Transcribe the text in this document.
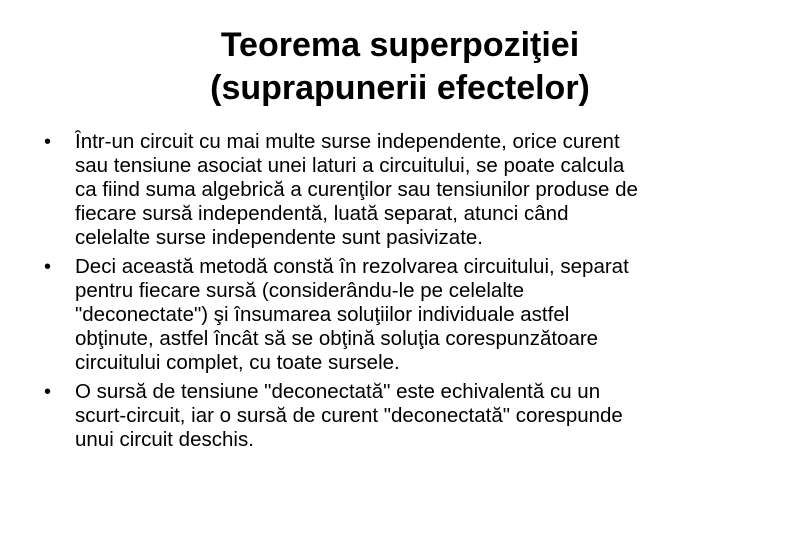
Teorema superpoziţiei
(suprapunerii efectelor)
• Într-un circuit cu mai multe surse independente, orice curent
sau tensiune asociat unei laturi a circuitului, se poate calcula
ca fiind suma algebrică a curenţilor sau tensiunilor produse de
fiecare sursă independentă, luată separat, atunci când
celelalte surse independente sunt pasivizate.
• Deci această metodă constă în rezolvarea circuitului, separat
pentru fiecare sursă (considerându-le pe celelalte
"deconectate") şi însumarea soluţiilor individuale astfel
obţinute, astfel încât să se obţină soluţia corespunzătoare
circuitului complet, cu toate sursele.
• O sursă de tensiune "deconectată" este echivalentă cu un
scurt-circuit, iar o sursă de curent "deconectată" corespunde
unui circuit deschis.
